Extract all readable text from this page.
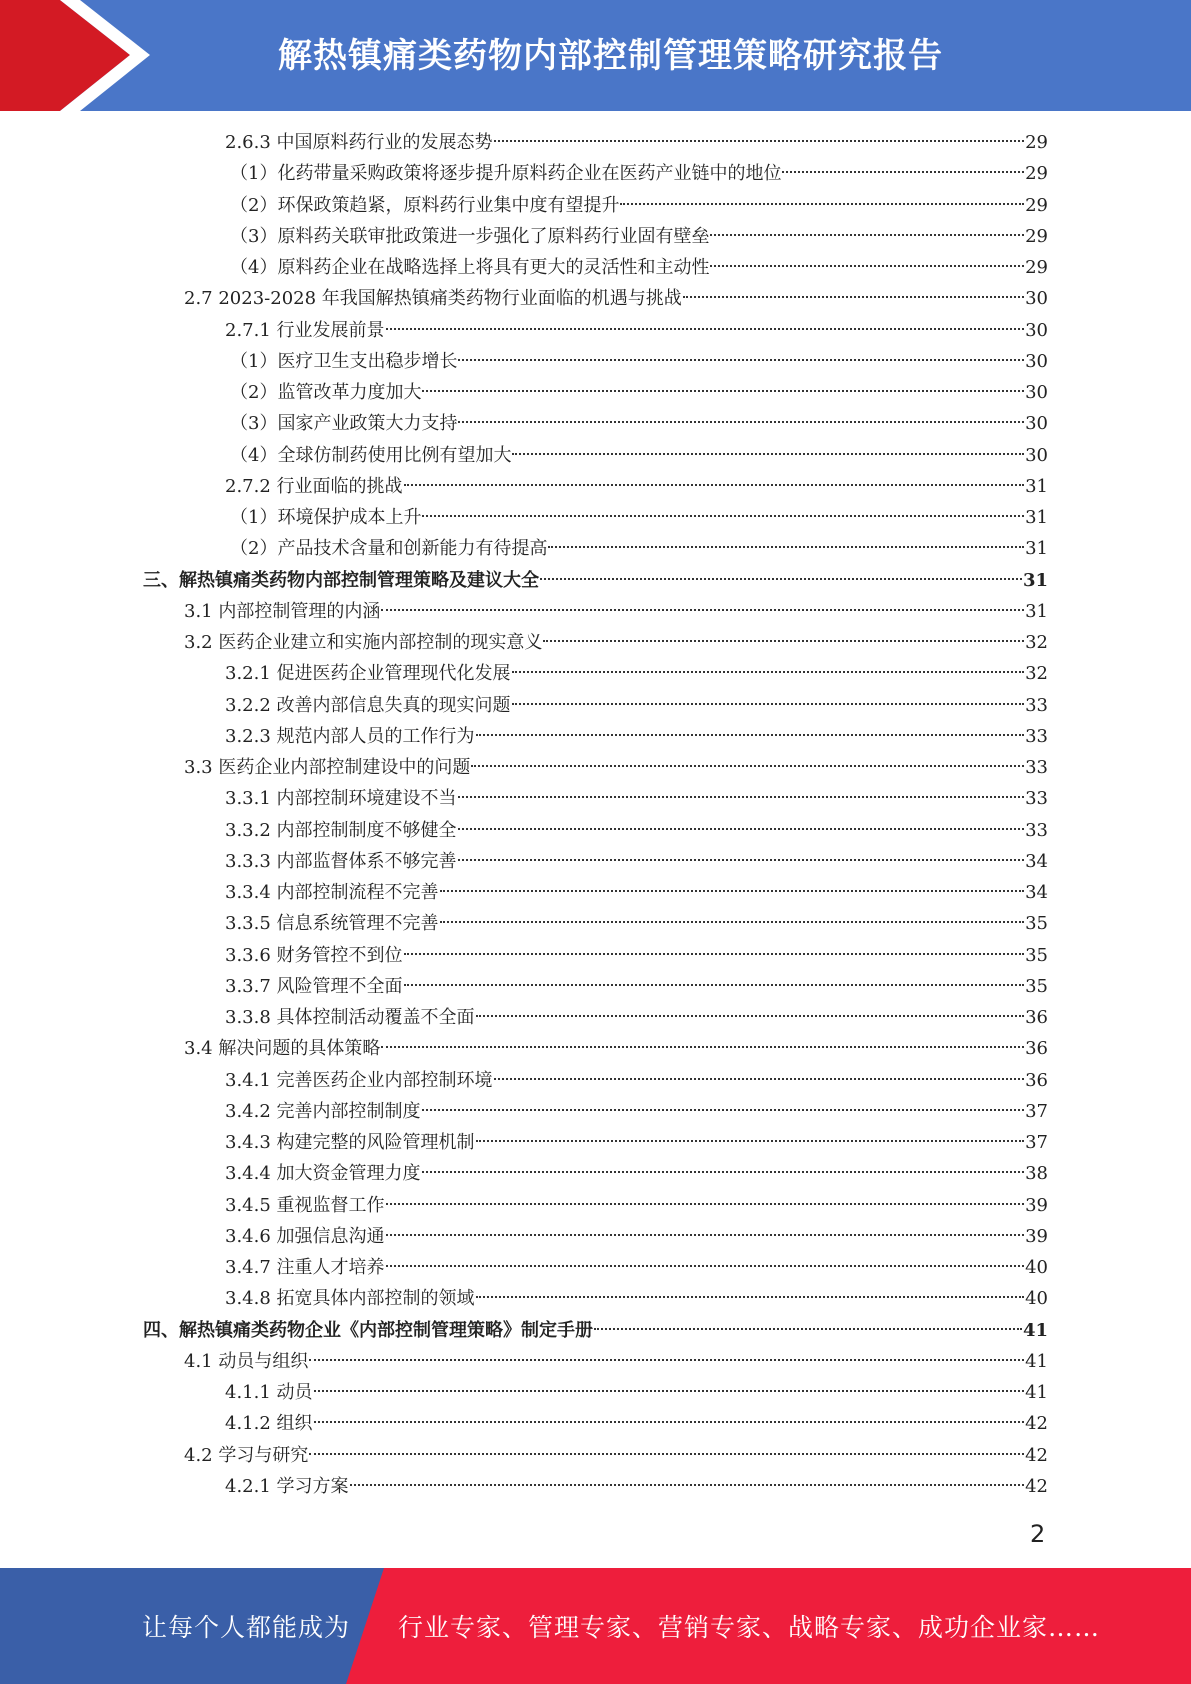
解热镇痛类药物内部控制管理策略研究报告
2.6.3 中国原料药行业的发展态势	29
（1）化药带量采购政策将逐步提升原料药企业在医药产业链中的地位	29
（2）环保政策趋紧，原料药行业集中度有望提升	29
（3）原料药关联审批政策进一步强化了原料药行业固有壁垒	29
（4）原料药企业在战略选择上将具有更大的灵活性和主动性	29
2.7 2023-2028 年我国解热镇痛类药物行业面临的机遇与挑战	30
2.7.1 行业发展前景	30
（1）医疗卫生支出稳步增长	30
（2）监管改革力度加大	30
（3）国家产业政策大力支持	30
（4）全球仿制药使用比例有望加大	30
2.7.2 行业面临的挑战	31
（1）环境保护成本上升	31
（2）产品技术含量和创新能力有待提高	31
三、解热镇痛类药物内部控制管理策略及建议大全	31
3.1 内部控制管理的内涵	31
3.2 医药企业建立和实施内部控制的现实意义	32
3.2.1 促进医药企业管理现代化发展	32
3.2.2 改善内部信息失真的现实问题	33
3.2.3 规范内部人员的工作行为	33
3.3 医药企业内部控制建设中的问题	33
3.3.1 内部控制环境建设不当	33
3.3.2 内部控制制度不够健全	33
3.3.3 内部监督体系不够完善	34
3.3.4 内部控制流程不完善	34
3.3.5 信息系统管理不完善	35
3.3.6 财务管控不到位	35
3.3.7 风险管理不全面	35
3.3.8 具体控制活动覆盖不全面	36
3.4 解决问题的具体策略	36
3.4.1 完善医药企业内部控制环境	36
3.4.2 完善内部控制制度	37
3.4.3 构建完整的风险管理机制	37
3.4.4 加大资金管理力度	38
3.4.5 重视监督工作	39
3.4.6 加强信息沟通	39
3.4.7 注重人才培养	40
3.4.8 拓宽具体内部控制的领域	40
四、解热镇痛类药物企业《内部控制管理策略》制定手册	41
4.1 动员与组织	41
4.1.1 动员	41
4.1.2 组织	42
4.2 学习与研究	42
4.2.1 学习方案	42
2
让每个人都能成为 行业专家、管理专家、营销专家、战略专家、成功企业家……
